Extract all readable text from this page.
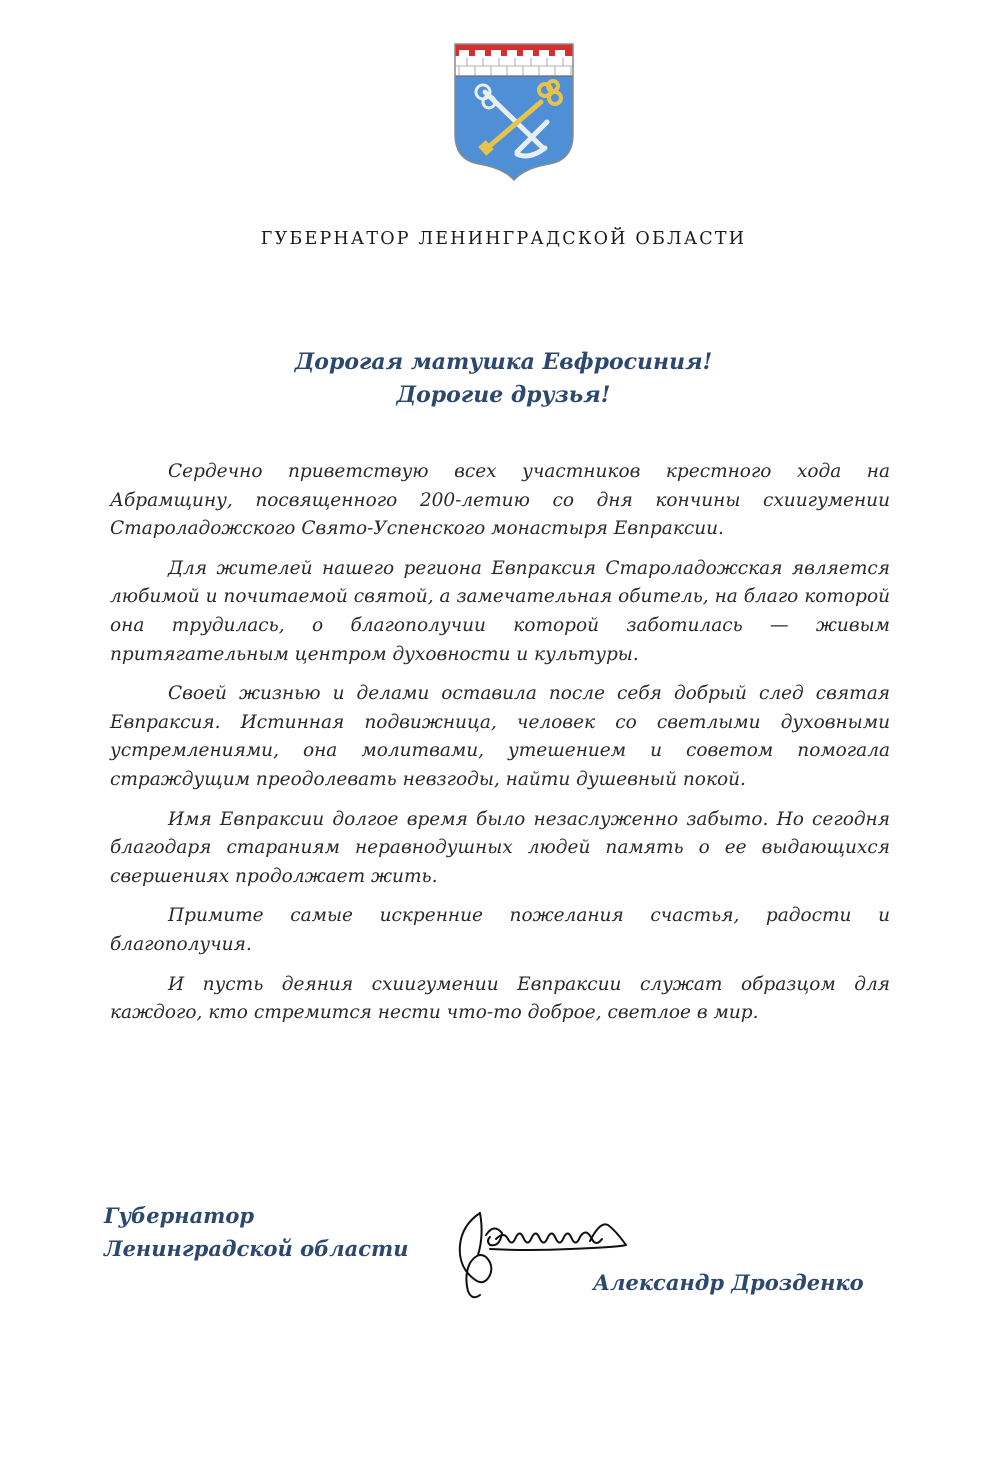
ГУБЕРНАТОР ЛЕНИНГРАДСКОЙ ОБЛАСТИ
Дорогая матушка Евфросиния!
Дорогие друзья!

Сердечно приветствую всех участников крестного хода на Абрамщину, посвященного 200-летию со дня кончины схиигумении Староладожского Свято-Успенского монастыря Евпраксии.

Для жителей нашего региона Евпраксия Староладожская является любимой и почитаемой святой, а замечательная обитель, на благо которой она трудилась, о благополучии которой заботилась — живым притягательным центром духовности и культуры.

Своей жизнью и делами оставила после себя добрый след святая Евпраксия. Истинная подвижница, человек со светлыми духовными устремлениями, она молитвами, утешением и советом помогала страждущим преодолевать невзгоды, найти душевный покой.

Имя Евпраксии долгое время было незаслуженно забыто. Но сегодня благодаря стараниям неравнодушных людей память о ее выдающихся свершениях продолжает жить.

Примите самые искренние пожелания счастья, радости и благополучия.

И пусть деяния схиигумении Евпраксии служат образцом для каждого, кто стремится нести что-то доброе, светлое в мир.

Губернатор
Ленинградской области
Александр Дрозденко
